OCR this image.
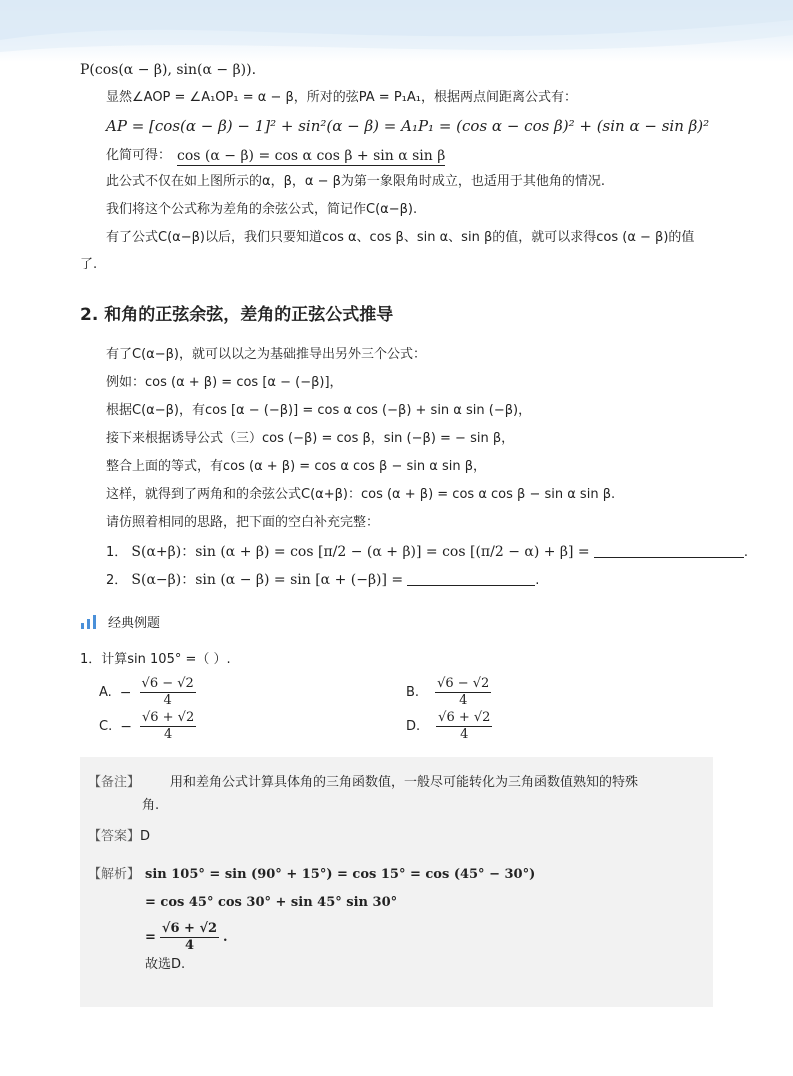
P(cos(α − β), sin(α − β)).
显然∠AOP = ∠A₁OP₁ = α − β，所对的弦PA = P₁A₁，根据两点间距离公式有：
AP = [cos(α − β) − 1]² + sin²(α − β) = A₁P₁ = (cos α − cos β)² + (sin α − sin β)²
化简可得： cos (α − β) = cos α cos β + sin α sin β
此公式不仅在如上图所示的α，β，α − β为第一象限角时成立，也适用于其他角的情况.
我们将这个公式称为差角的余弦公式，简记作C(α−β).
有了公式C(α−β)以后，我们只要知道cos α、cos β、sin α、sin β的值，就可以求得cos (α − β)的值
了.
2. 和角的正弦余弦，差角的正弦公式推导
有了C(α−β)，就可以以之为基础推导出另外三个公式：
例如：cos (α + β) = cos [α − (−β)]，
根据C(α−β)，有cos [α − (−β)] = cos α cos (−β) + sin α sin (−β)，
接下来根据诱导公式（三）cos (−β) = cos β，sin (−β) = − sin β，
整合上面的等式，有cos (α + β) = cos α cos β − sin α sin β，
这样，就得到了两角和的余弦公式C(α+β)：cos (α + β) = cos α cos β − sin α sin β.
请仿照着相同的思路，把下面的空白补充完整：
1． S(α+β)：sin (α + β) = cos [π/2 − (α + β)] = cos [(π/2 − α) + β] =	.
2． S(α−β)：sin (α − β) = sin [α + (−β)] =	.
经典例题
1．计算sin 105° =（ ）.
A. − $\frac{√6 - √2}{4}$	B. $\frac{√6 - √2}{4}$
C. − $\frac{√6 + √2}{4}$	D. $\frac{√6 + √2}{4}$
【备注】 用和差角公式计算具体角的三角函数值，一般尽可能转化为三角函数值熟知的特殊
角.
【答案】D
【解析】 sin 105° = sin (90° + 15°) = cos 15° = cos (45° − 30°)
= cos 45° cos 30° + sin 45° sin 30°
= $\frac{√6 + √2}{4}$ .
故选D.
